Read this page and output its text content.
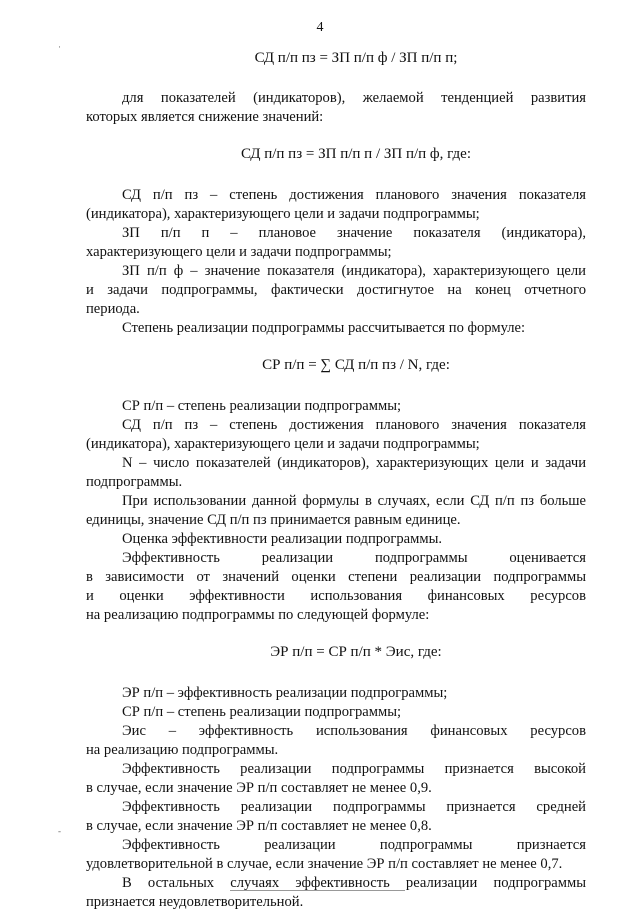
4
·
-

СД п/п пз = ЗП п/п ф / ЗП п/п п;

для показателей (индикаторов), желаемой тенденцией развития

которых является снижение значений:

СД п/п пз = ЗП п/п п / ЗП п/п ф, где:

СД п/п пз – степень достижения планового значения показателя

(индикатора), характеризующего цели и задачи подпрограммы;

ЗП п/п п – плановое значение показателя (индикатора),

характеризующего цели и задачи подпрограммы;

ЗП п/п ф – значение показателя (индикатора), характеризующего цели

и задачи подпрограммы, фактически достигнутое на конец отчетного

периода.

Степень реализации подпрограммы рассчитывается по формуле:

СР п/п = ∑ СД п/п пз / N, где:

СР п/п – степень реализации подпрограммы;

СД п/п пз – степень достижения планового значения показателя

(индикатора), характеризующего цели и задачи подпрограммы;

N – число показателей (индикаторов), характеризующих цели и задачи

подпрограммы.

При использовании данной формулы в случаях, если СД п/п пз больше

единицы, значение СД п/п пз принимается равным единице.

Оценка эффективности реализации подпрограммы.

Эффективность реализации подпрограммы оценивается

в зависимости от значений оценки степени реализации подпрограммы

и оценки эффективности использования финансовых ресурсов

на реализацию подпрограммы по следующей формуле:

ЭР п/п = СР п/п * Эис, где:

ЭР п/п – эффективность реализации подпрограммы;

СР п/п – степень реализации подпрограммы;

Эис – эффективность использования финансовых ресурсов

на реализацию подпрограммы.

Эффективность реализации подпрограммы признается высокой

в случае, если значение ЭР п/п составляет не менее 0,9.

Эффективность реализации подпрограммы признается средней

в случае, если значение ЭР п/п составляет не менее 0,8.

Эффективность реализации подпрограммы признается

удовлетворительной в случае, если значение ЭР п/п составляет не менее 0,7.

В остальных случаях эффективность реализации подпрограммы

признается неудовлетворительной.
